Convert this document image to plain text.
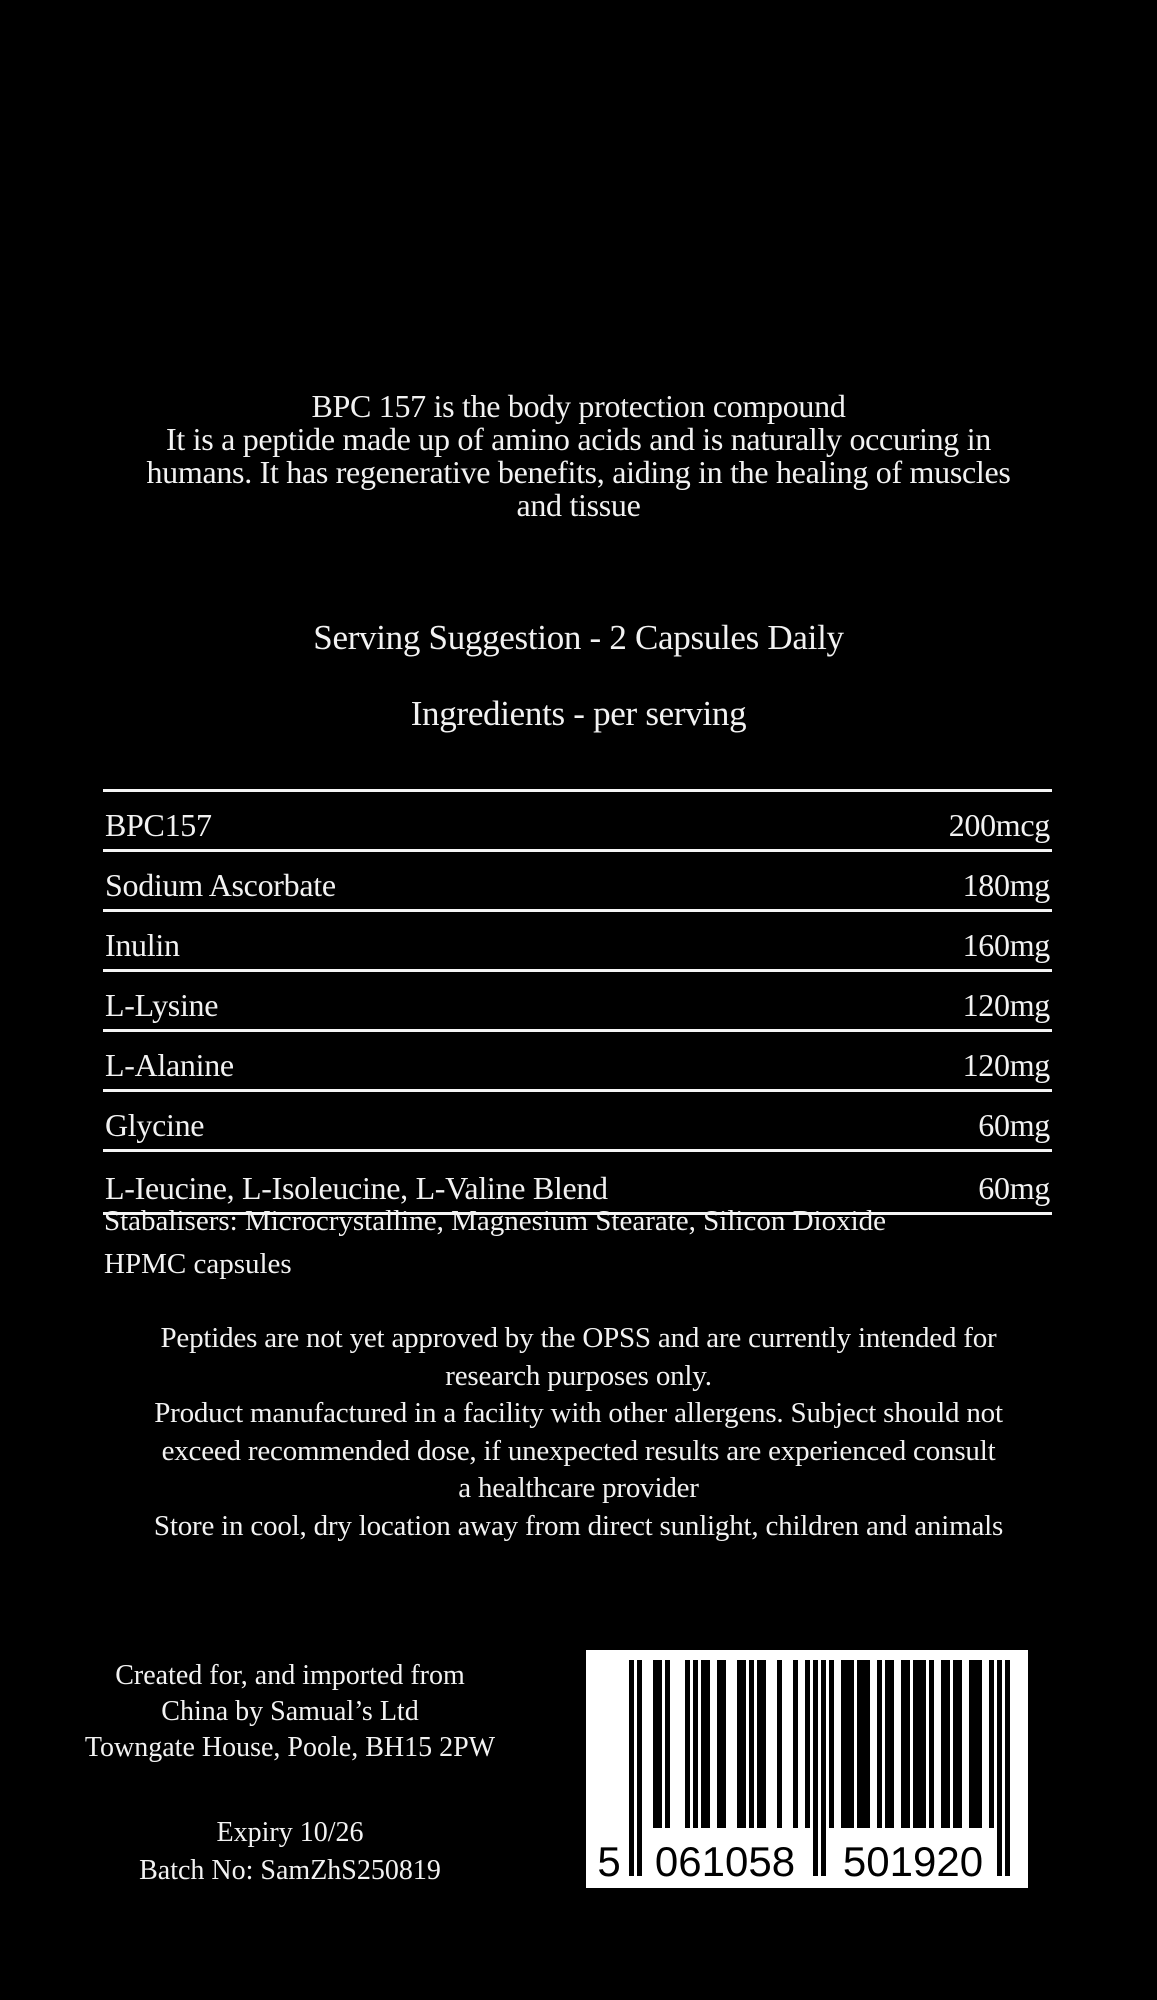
BPC 157 is the body protection compound
It is a peptide made up of amino acids and is naturally occuring in
humans. It has regenerative benefits, aiding in the healing of muscles
and tissue
Serving Suggestion - 2 Capsules Daily
Ingredients - per serving
BPC157	200mcg
Sodium Ascorbate	180mg
Inulin	160mg
L-Lysine	120mg
L-Alanine	120mg
Glycine	60mg
L-Ieucine, L-Isoleucine, L-Valine Blend	60mg
Stabalisers: Microcrystalline, Magnesium Stearate, Silicon Dioxide
HPMC capsules
Peptides are not yet approved by the OPSS and are currently intended for
research purposes only.
Product manufactured in a facility with other allergens. Subject should not
exceed recommended dose, if unexpected results are experienced consult
a healthcare provider
Store in cool, dry location away from direct sunlight, children and animals
Created for, and imported from
China by Samual’s Ltd
Towngate House, Poole, BH15 2PW
Expiry 10/26
Batch No: SamZhS250819	5 061058	501920
